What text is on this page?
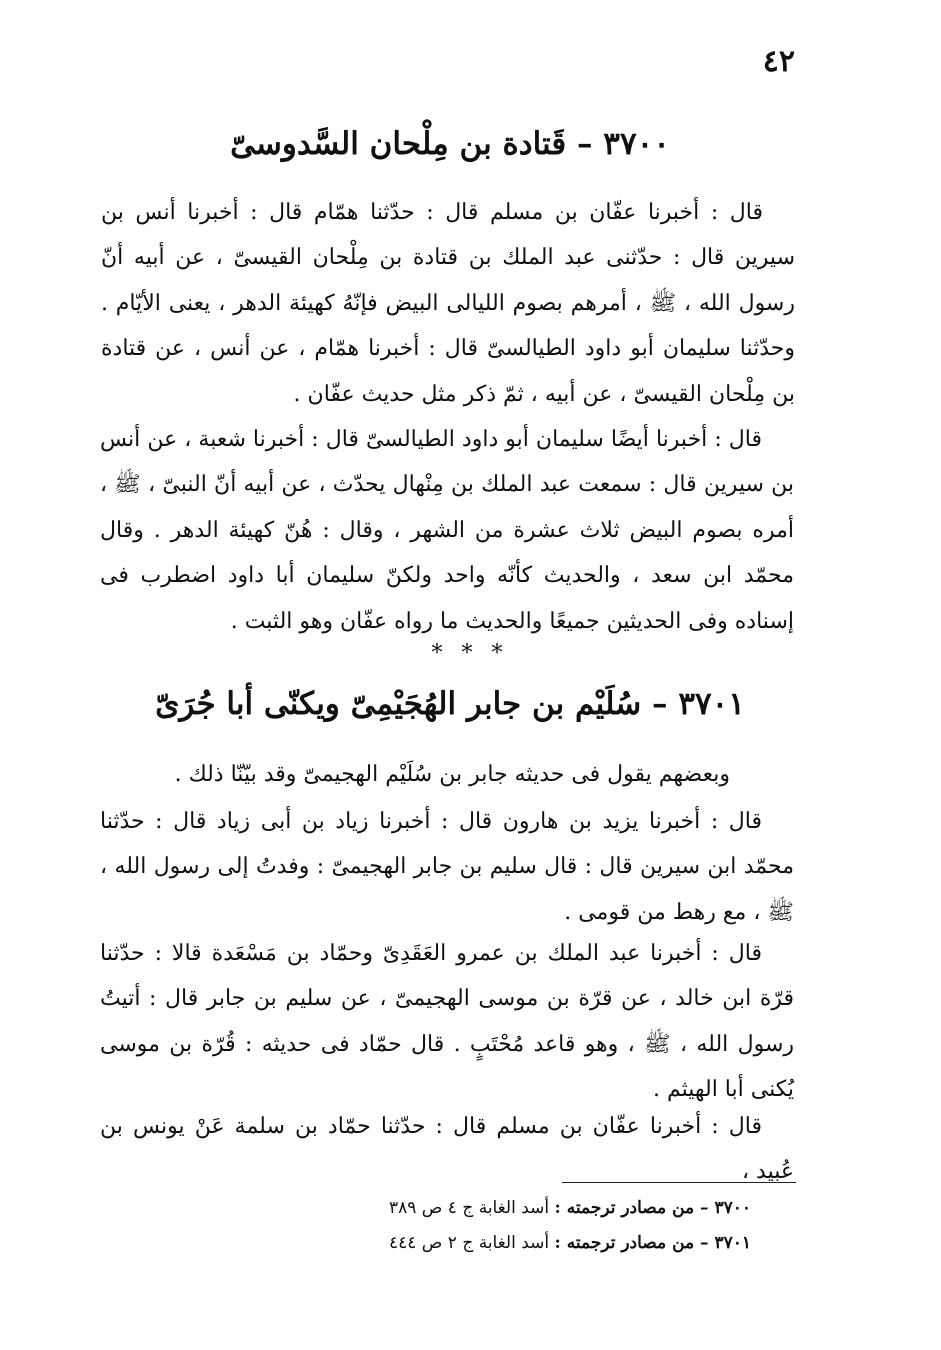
٤٢
٣٧٠٠ – قَتادة بن مِلْحان السَّدوسىّ

قال : أخبرنا عفّان بن مسلم قال : حدّثنا همّام قال : أخبرنا أنس بن سيرين قال : حدّثنى عبد الملك بن قتادة بن مِلْحان القيسىّ ، عن أبيه أنّ رسول الله ، ﷺ ، أمرهم بصوم الليالى البيض فإنّهُ كهيئة الدهر ، يعنى الأيّام . وحدّثنا سليمان أبو داود الطيالسىّ قال : أخبرنا همّام ، عن أنس ، عن قتادة بن مِلْحان القيسىّ ، عن أبيه ، ثمّ ذكر مثل حديث عفّان .

قال : أخبرنا أيضًا سليمان أبو داود الطيالسىّ قال : أخبرنا شعبة ، عن أنس بن سيرين قال : سمعت عبد الملك بن مِنْهال يحدّث ، عن أبيه أنّ النبىّ ، ﷺ ، أمره بصوم البيض ثلاث عشرة من الشهر ، وقال : هُنّ كهيئة الدهر . وقال محمّد ابن سعد ، والحديث كأنّه واحد ولكنّ سليمان أبا داود اضطرب فى إسناده وفى الحديثين جميعًا والحديث ما رواه عفّان وهو الثبت .

* * *
٣٧٠١ – سُلَيْم بن جابر الهُجَيْمِىّ ويكنّى أبا جُرَىّ

وبعضهم يقول فى حديثه جابر بن سُلَيْم الهجيمىّ وقد بيّنّا ذلك .

قال : أخبرنا يزيد بن هارون قال : أخبرنا زياد بن أبى زياد قال : حدّثنا محمّد ابن سيرين قال : قال سليم بن جابر الهجيمىّ : وفدتُ إلى رسول الله ، ﷺ ، مع رهط من قومى .

قال : أخبرنا عبد الملك بن عمرو العَقَدِىّ وحمّاد بن مَسْعَدة قالا : حدّثنا قرّة ابن خالد ، عن قرّة بن موسى الهجيمىّ ، عن سليم بن جابر قال : أتيتُ رسول الله ، ﷺ ، وهو قاعد مُحْتَبٍ . قال حمّاد فى حديثه : قُرّة بن موسى يُكنى أبا الهيثم .

قال : أخبرنا عفّان بن مسلم قال : حدّثنا حمّاد بن سلمة عَنْ يونس بن عُبيد ،

٣٧٠٠ – من مصادر ترجمته : أسد الغابة ج ٤ ص ٣٨٩
٣٧٠١ – من مصادر ترجمته : أسد الغابة ج ٢ ص ٤٤٤
